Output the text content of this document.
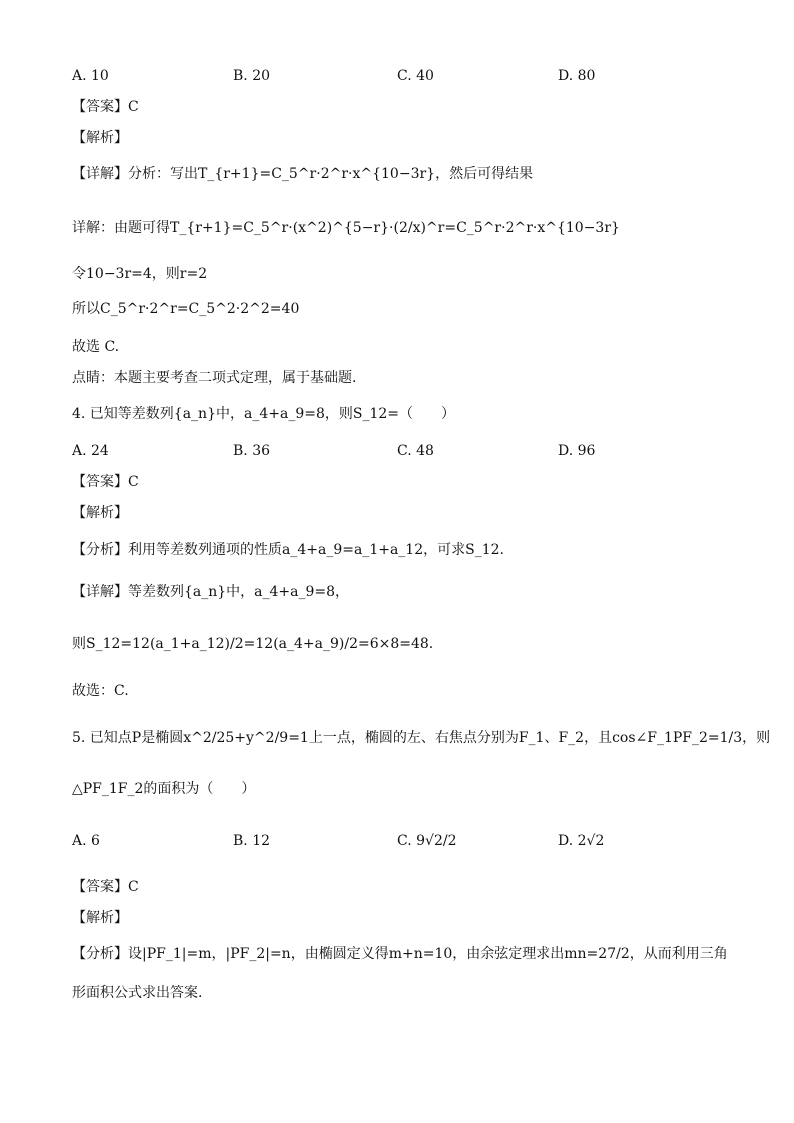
A. 10	B. 20	C. 40	D. 80
【答案】C
【解析】
【详解】分析：写出T_{r+1}=C_5^r·2^r·x^{10−3r}，然后可得结果
详解：由题可得T_{r+1}=C_5^r·(x^2)^{5−r}·(2/x)^r=C_5^r·2^r·x^{10−3r}
令10−3r=4，则r=2
所以C_5^r·2^r=C_5^2·2^2=40
故选 C.
点睛：本题主要考查二项式定理，属于基础题.
4. 已知等差数列{a_n}中，a_4+a_9=8，则S_12=（　　）
A. 24	B. 36	C. 48	D. 96
【答案】C
【解析】
【分析】利用等差数列通项的性质a_4+a_9=a_1+a_12，可求S_12.
【详解】等差数列{a_n}中，a_4+a_9=8，
则S_12=12(a_1+a_12)/2=12(a_4+a_9)/2=6×8=48.
故选：C.
5. 已知点P是椭圆x^2/25+y^2/9=1上一点，椭圆的左、右焦点分别为F_1、F_2，且cos∠F_1PF_2=1/3，则
△PF_1F_2的面积为（　　）
A. 6	B. 12	C. 9√2/2	D. 2√2
【答案】C
【解析】
【分析】设|PF_1|=m，|PF_2|=n，由椭圆定义得m+n=10，由余弦定理求出mn=27/2，从而利用三角
形面积公式求出答案.
